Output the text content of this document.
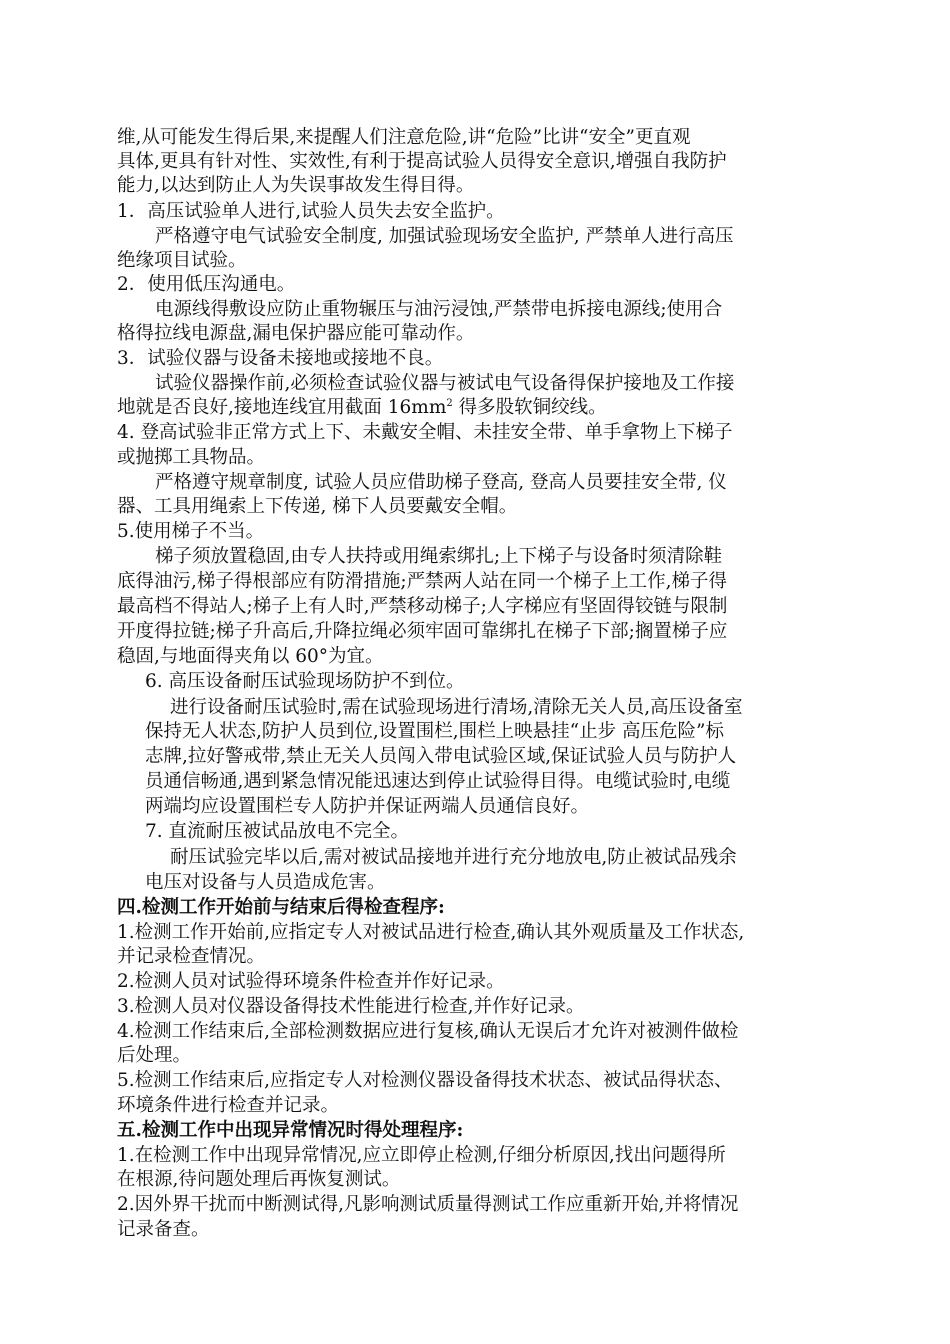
维,从可能发生得后果,来提醒人们注意危险,讲“危险”比讲“安全”更直观
具体,更具有针对性、实效性,有利于提高试验人员得安全意识,增强自我防护
能力,以达到防止人为失误事故发生得目得。
1．高压试验单人进行,试验人员失去安全监护。
严格遵守电气试验安全制度, 加强试验现场安全监护, 严禁单人进行高压
绝缘项目试验。
2．使用低压沟通电。
电源线得敷设应防止重物辗压与油污浸蚀,严禁带电拆接电源线;使用合
格得拉线电源盘,漏电保护器应能可靠动作。
3．试验仪器与设备未接地或接地不良。
试验仪器操作前,必须检查试验仪器与被试电气设备得保护接地及工作接
地就是否良好,接地连线宜用截面 $16mm^2$ 得多股软铜绞线。
4. 登高试验非正常方式上下、未戴安全帽、未挂安全带、单手拿物上下梯子
或抛掷工具物品。
严格遵守规章制度, 试验人员应借助梯子登高, 登高人员要挂安全带, 仪
器、工具用绳索上下传递, 梯下人员要戴安全帽。
5.使用梯子不当。
梯子须放置稳固,由专人扶持或用绳索绑扎;上下梯子与设备时须清除鞋
底得油污,梯子得根部应有防滑措施;严禁两人站在同一个梯子上工作,梯子得
最高档不得站人;梯子上有人时,严禁移动梯子;人字梯应有坚固得铰链与限制
开度得拉链;梯子升高后,升降拉绳必须牢固可靠绑扎在梯子下部;搁置梯子应
稳固,与地面得夹角以 60°为宜。
6. 高压设备耐压试验现场防护不到位。
进行设备耐压试验时,需在试验现场进行清场,清除无关人员,高压设备室
保持无人状态,防护人员到位,设置围栏,围栏上映悬挂“止步 高压危险”标
志牌,拉好警戒带,禁止无关人员闯入带电试验区域,保证试验人员与防护人
员通信畅通,遇到紧急情况能迅速达到停止试验得目得。电缆试验时,电缆
两端均应设置围栏专人防护并保证两端人员通信良好。
7. 直流耐压被试品放电不完全。
耐压试验完毕以后,需对被试品接地并进行充分地放电,防止被试品残余
电压对设备与人员造成危害。
四.检测工作开始前与结束后得检查程序:
1.检测工作开始前,应指定专人对被试品进行检查,确认其外观质量及工作状态,
并记录检查情况。
2.检测人员对试验得环境条件检查并作好记录。
3.检测人员对仪器设备得技术性能进行检查,并作好记录。
4.检测工作结束后,全部检测数据应进行复核,确认无误后才允许对被测件做检
后处理。
5.检测工作结束后,应指定专人对检测仪器设备得技术状态、被试品得状态、
环境条件进行检查并记录。
五.检测工作中出现异常情况时得处理程序:
1.在检测工作中出现异常情况,应立即停止检测,仔细分析原因,找出问题得所
在根源,待问题处理后再恢复测试。
2.因外界干扰而中断测试得,凡影响测试质量得测试工作应重新开始,并将情况
记录备查。
